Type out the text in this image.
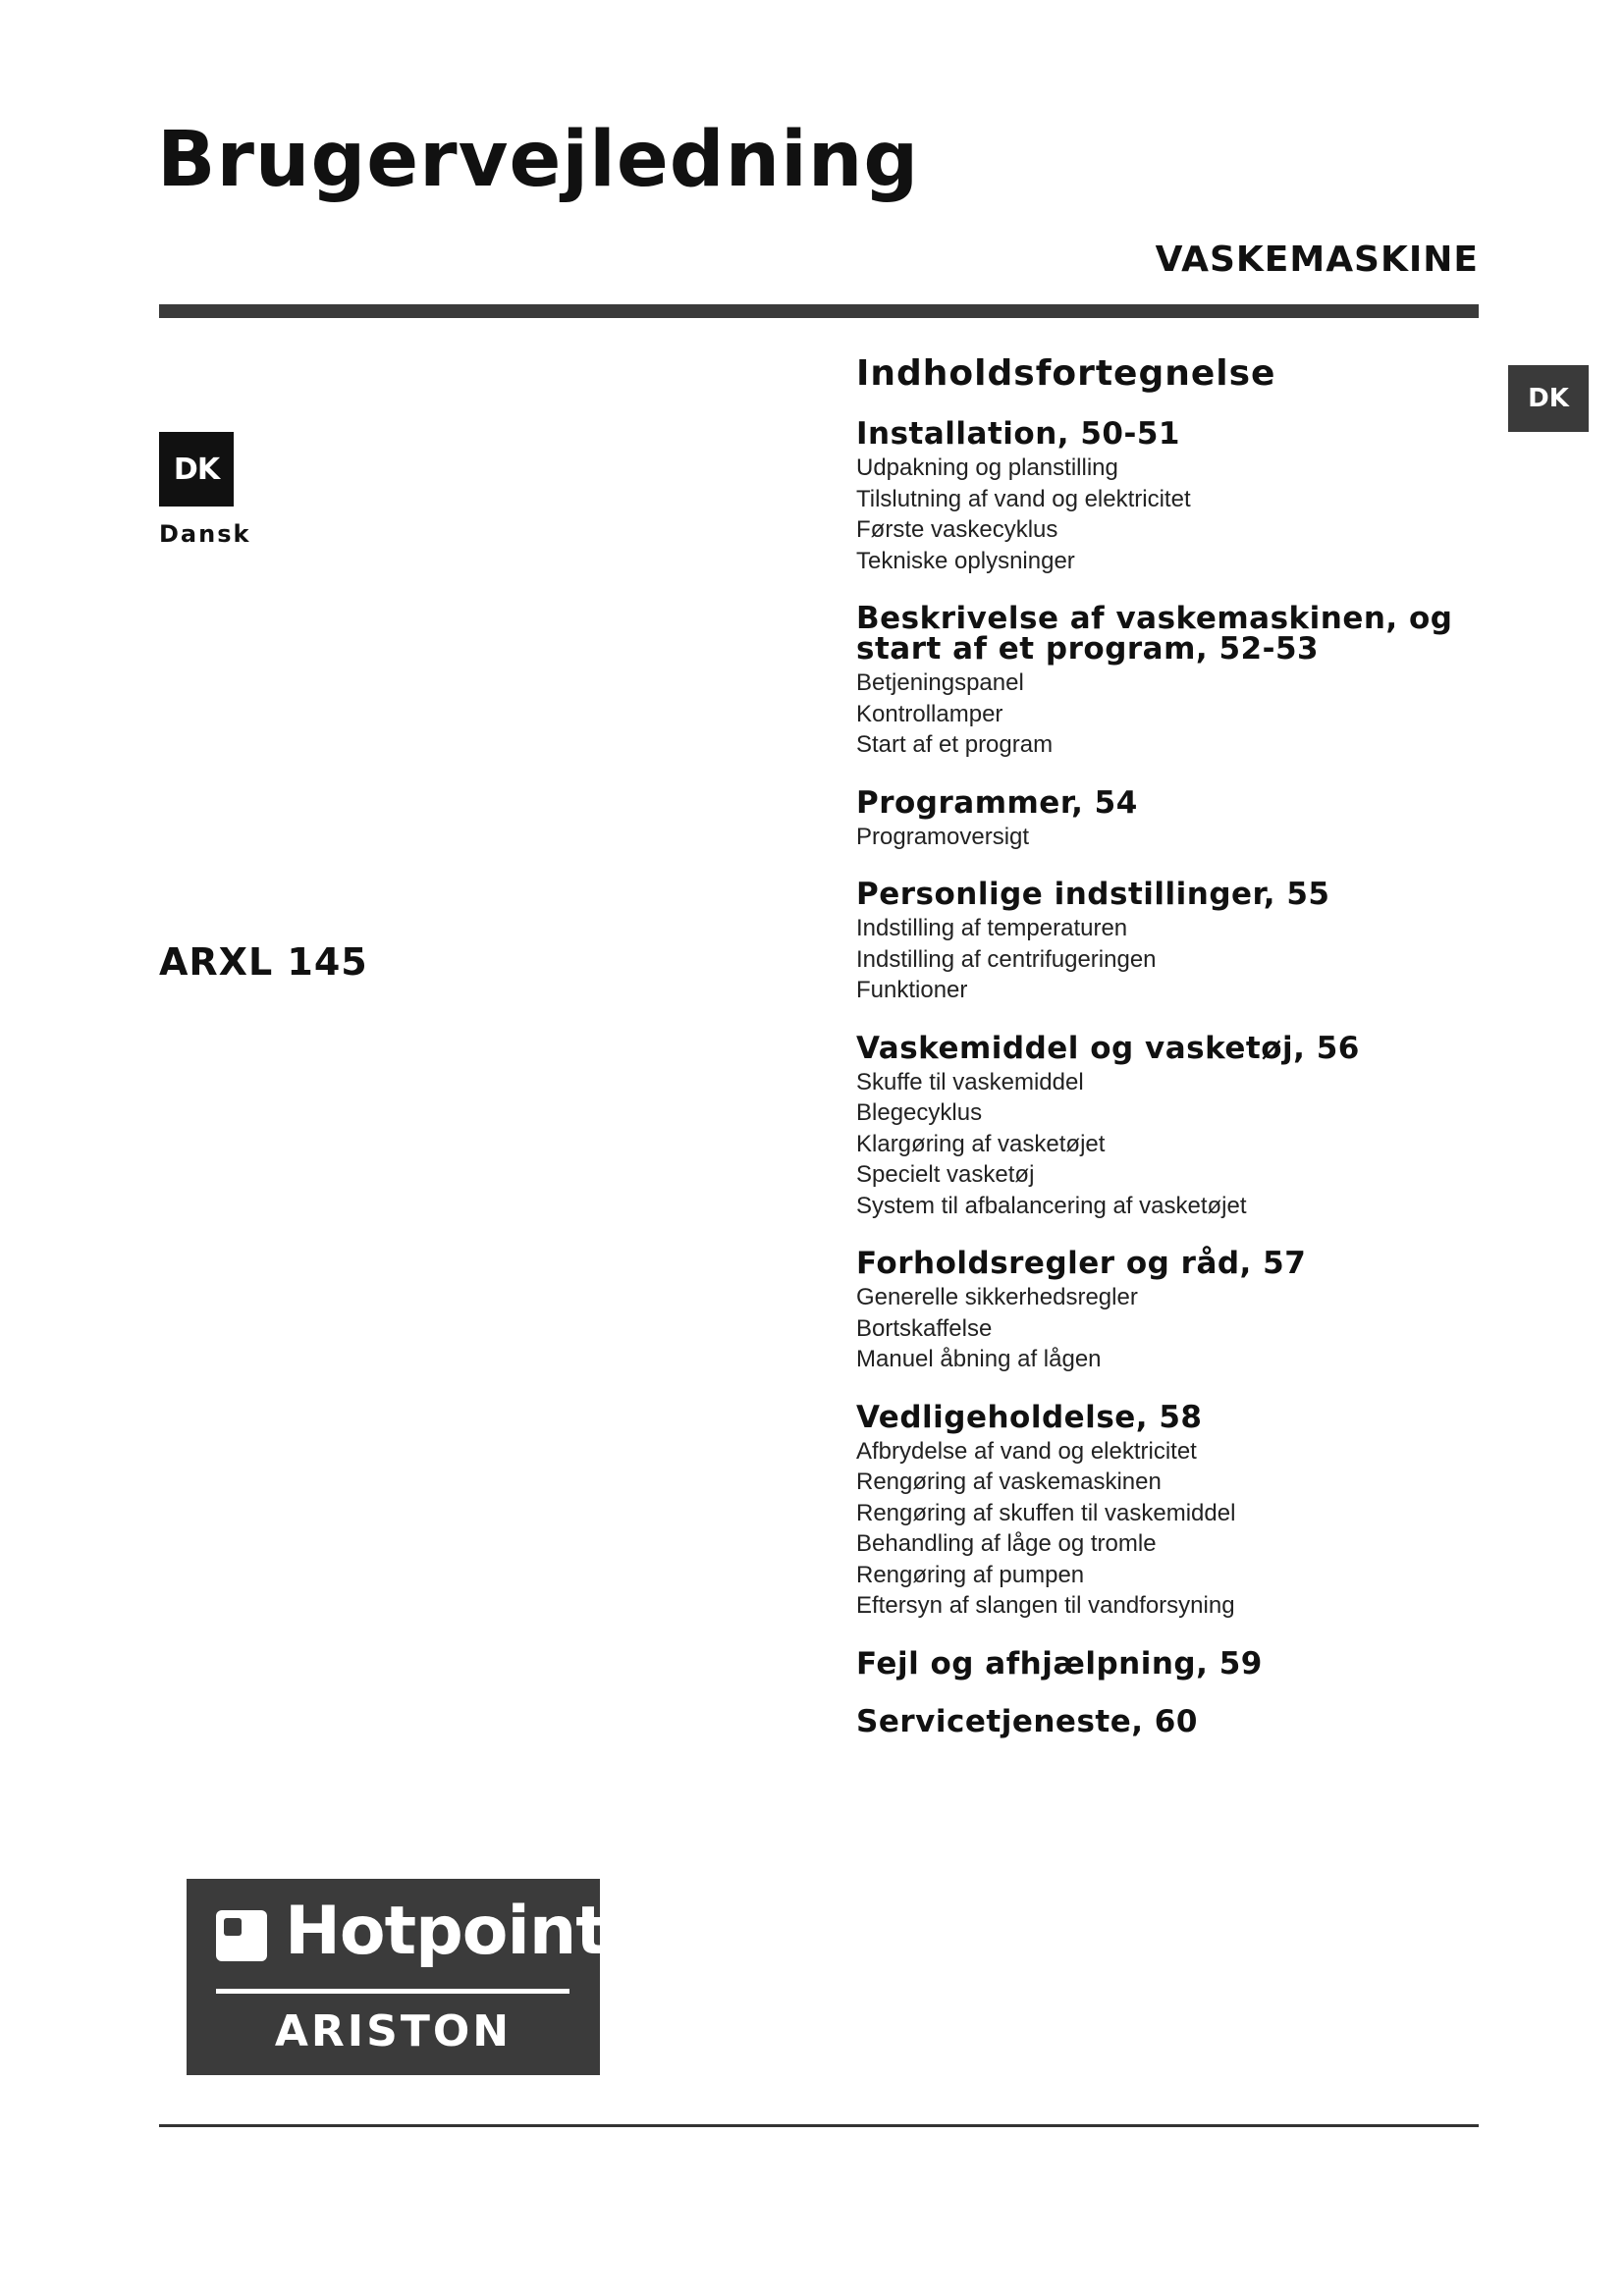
Brugervejledning
VASKEMASKINE
DK
Dansk
ARXL 145
DK
Indholdsfortegnelse
Installation, 50-51
Udpakning og planstilling
Tilslutning af vand og elektricitet
Første vaskecyklus
Tekniske oplysninger
Beskrivelse af vaskemaskinen, og start af et program, 52-53
Betjeningspanel
Kontrollamper
Start af et program
Programmer, 54
Programoversigt
Personlige indstillinger, 55
Indstilling af temperaturen
Indstilling af centrifugeringen
Funktioner
Vaskemiddel og vasketøj, 56
Skuffe til vaskemiddel
Blegecyklus
Klargøring af vasketøjet
Specielt vasketøj
System til afbalancering af vasketøjet
Forholdsregler og råd, 57
Generelle sikkerhedsregler
Bortskaffelse
Manuel åbning af lågen
Vedligeholdelse, 58
Afbrydelse af vand og elektricitet
Rengøring af vaskemaskinen
Rengøring af skuffen til vaskemiddel
Behandling af låge og tromle
Rengøring af pumpen
Eftersyn af slangen til vandforsyning
Fejl og afhjælpning, 59
Servicetjeneste, 60
Hotpoint
ARISTON
